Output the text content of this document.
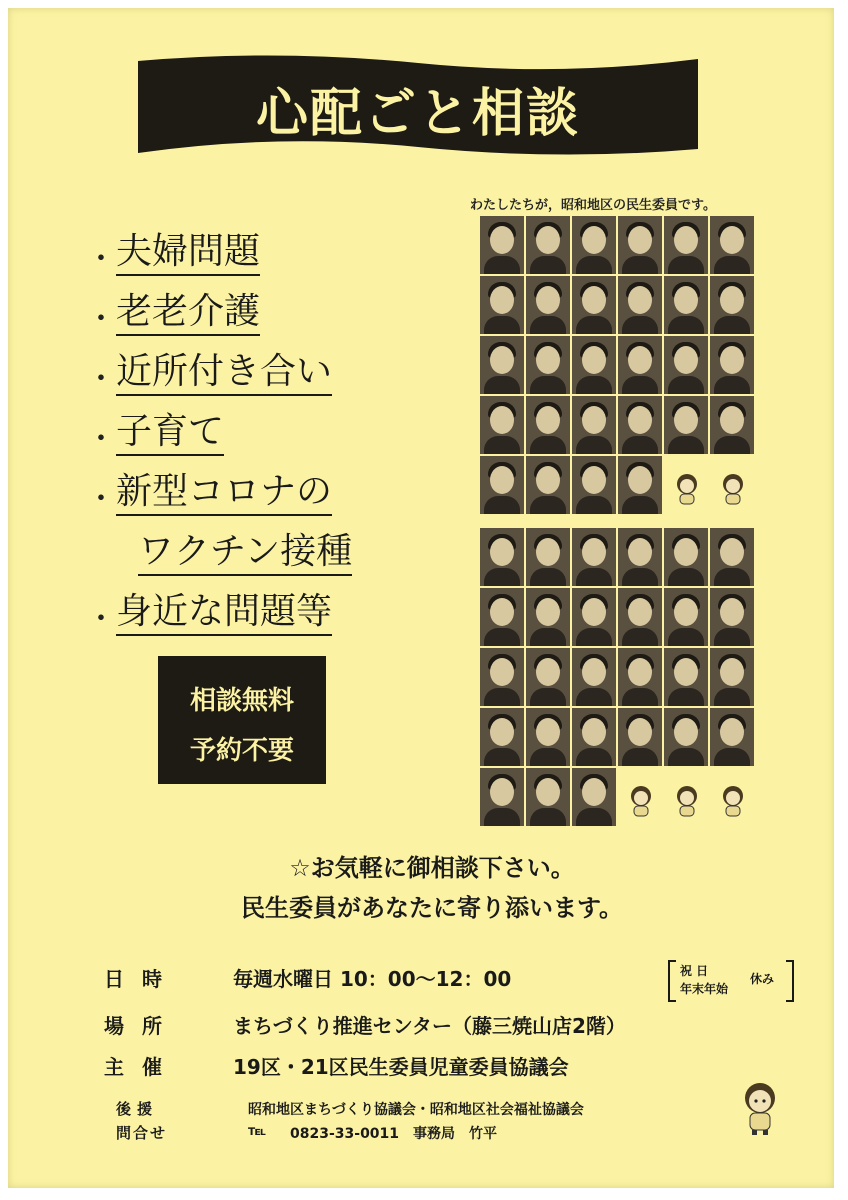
心配ごと相談
わたしたちが，昭和地区の民生委員です。
・ 夫婦問題
・ 老老介護
・ 近所付き合い
・ 子育て
・ 新型コロナの
ワクチン接種
・ 身近な問題等
相談無料
予約不要
☆お気軽に御相談下さい。
民生委員があなたに寄り添います。
日時	毎週水曜日 10：00～12：00	祝 日
年末年始
休み
場所	まちづくり推進センター（藤三焼山店2階）
主催	19区・21区民生委員児童委員協議会
後援	昭和地区まちづくり協議会・昭和地区社会福祉協議会
問合せ	℡ 0823-33-0011　事務局　竹平
